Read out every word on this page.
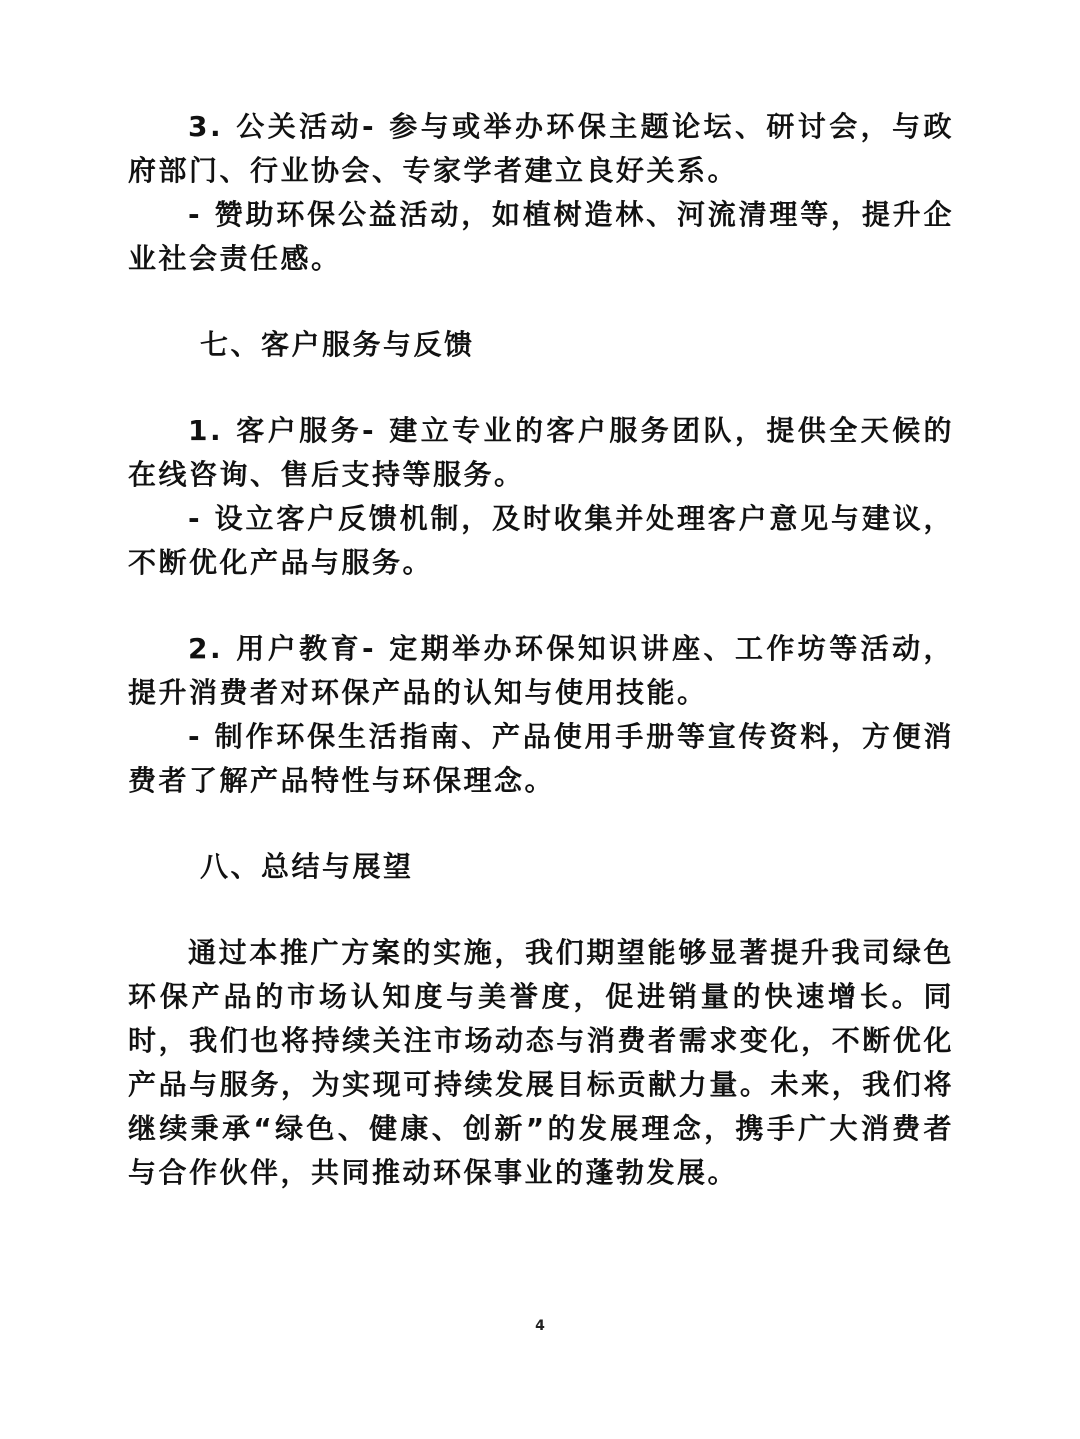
3. 公关活动- 参与或举办环保主题论坛、研讨会，与政府部门、行业协会、专家学者建立良好关系。

- 赞助环保公益活动，如植树造林、河流清理等，提升企业社会责任感。

七、客户服务与反馈

1. 客户服务- 建立专业的客户服务团队，提供全天候的在线咨询、售后支持等服务。

- 设立客户反馈机制，及时收集并处理客户意见与建议，不断优化产品与服务。

2. 用户教育- 定期举办环保知识讲座、工作坊等活动，提升消费者对环保产品的认知与使用技能。

- 制作环保生活指南、产品使用手册等宣传资料，方便消费者了解产品特性与环保理念。

八、总结与展望

通过本推广方案的实施，我们期望能够显著提升我司绿色环保产品的市场认知度与美誉度，促进销量的快速增长。同时，我们也将持续关注市场动态与消费者需求变化，不断优化产品与服务，为实现可持续发展目标贡献力量。未来，我们将继续秉承“绿色、健康、创新”的发展理念，携手广大消费者与合作伙伴，共同推动环保事业的蓬勃发展。

4
